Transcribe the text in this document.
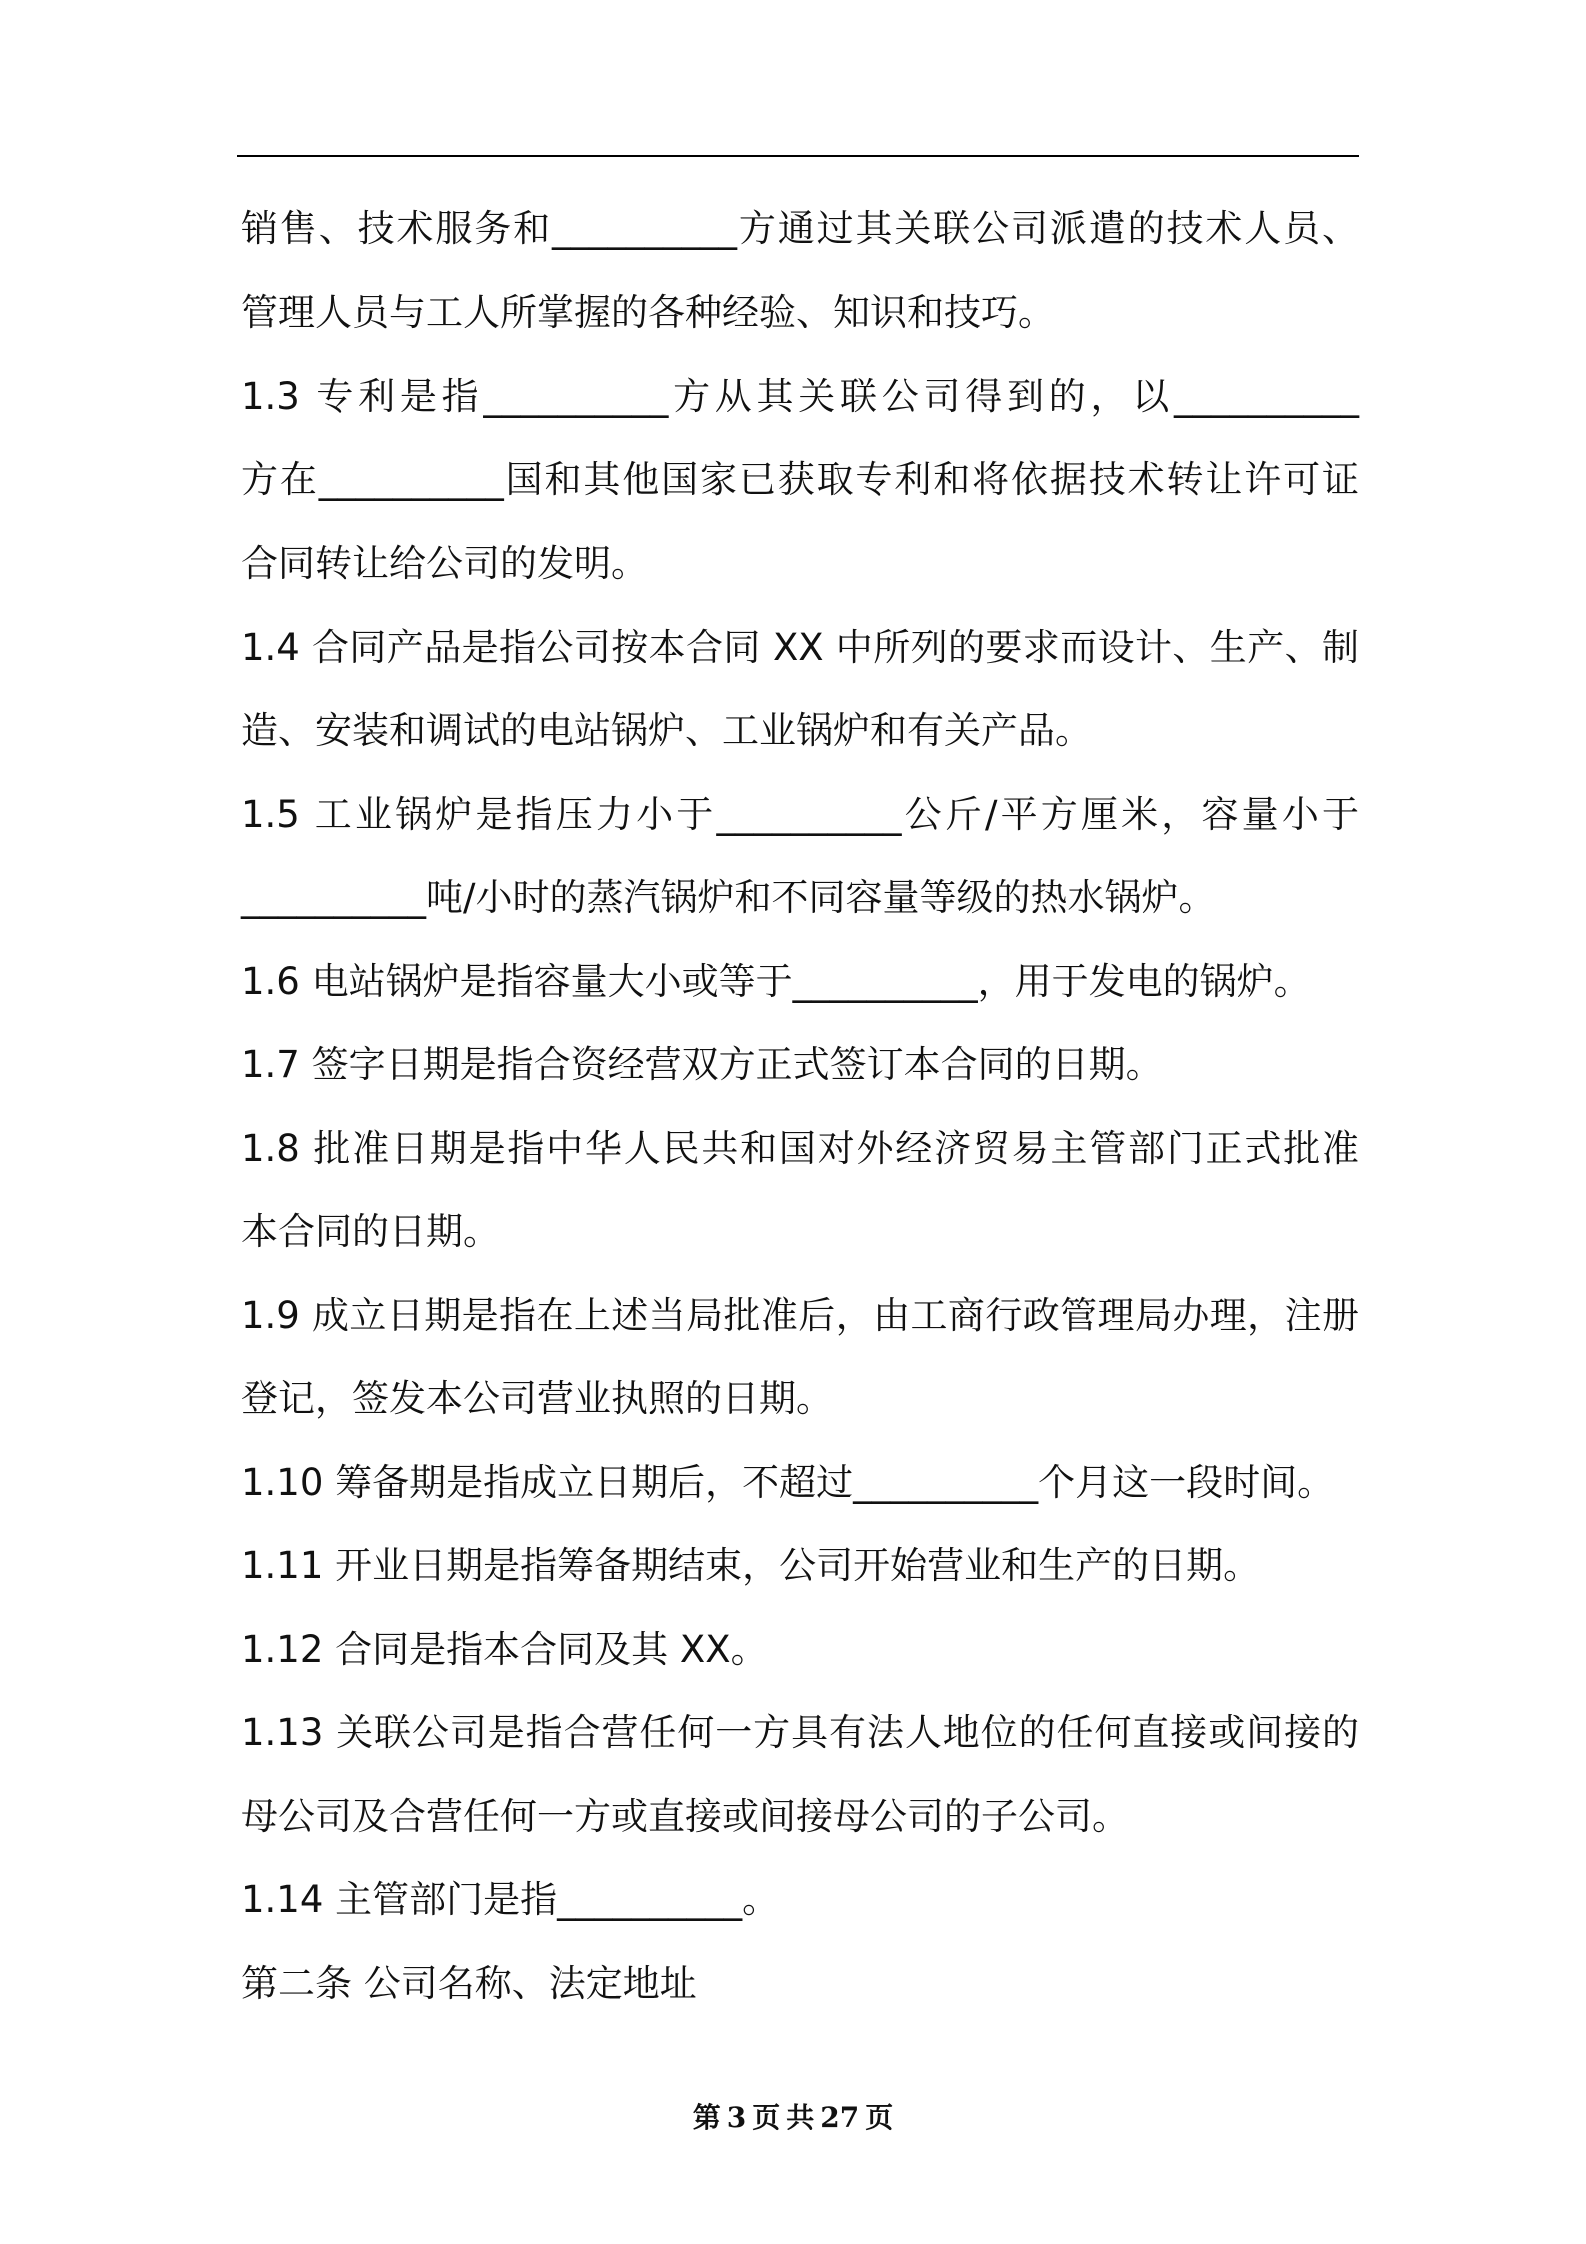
销售、技术服务和__________方通过其关联公司派遣的技术人员、
管理人员与工人所掌握的各种经验、知识和技巧。
1.3 专利是指__________方从其关联公司得到的，以__________
方在__________国和其他国家已获取专利和将依据技术转让许可证
合同转让给公司的发明。
1.4 合同产品是指公司按本合同 XX 中所列的要求而设计、生产、制
造、安装和调试的电站锅炉、工业锅炉和有关产品。
1.5 工业锅炉是指压力小于__________公斤/平方厘米，容量小于
__________吨/小时的蒸汽锅炉和不同容量等级的热水锅炉。
1.6 电站锅炉是指容量大小或等于__________，用于发电的锅炉。
1.7 签字日期是指合资经营双方正式签订本合同的日期。
1.8 批准日期是指中华人民共和国对外经济贸易主管部门正式批准
本合同的日期。
1.9 成立日期是指在上述当局批准后，由工商行政管理局办理，注册
登记，签发本公司营业执照的日期。
1.10 筹备期是指成立日期后，不超过__________个月这一段时间。
1.11 开业日期是指筹备期结束，公司开始营业和生产的日期。
1.12 合同是指本合同及其 XX。
1.13 关联公司是指合营任何一方具有法人地位的任何直接或间接的
母公司及合营任何一方或直接或间接母公司的子公司。
1.14 主管部门是指__________。
第二条 公司名称、法定地址
第 3 页 共 27 页
